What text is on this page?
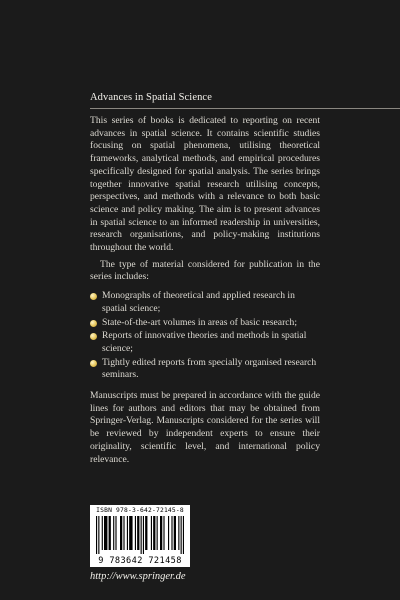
Advances in Spatial Science

This series of books is dedicated to reporting on recent advances in spatial science. It contains scientific studies focusing on spatial phenomena, utilising theoretical frameworks, analytical methods, and empirical procedures specifically designed for spatial analysis. The series brings together innovative spatial research utilising concepts, perspectives, and methods with a relevance to both basic science and policy making. The aim is to present advances in spatial science to an informed readership in universities, research organisations, and policy-making institutions throughout the world.

The type of material considered for publication in the series includes:

Monographs of theoretical and applied research in spatial science;
State-of-the-art volumes in areas of basic research;
Reports of innovative theories and methods in spatial science;
Tightly edited reports from specially organised research seminars.

Manuscripts must be prepared in accordance with the guide lines for authors and editors that may be obtained from Springer-Verlag. Manuscripts considered for the series will be reviewed by independent experts to ensure their originality, scientific level, and international policy relevance.

ISBN 978-3-642-72145-8
9 783642 721458
http://www.springer.de
